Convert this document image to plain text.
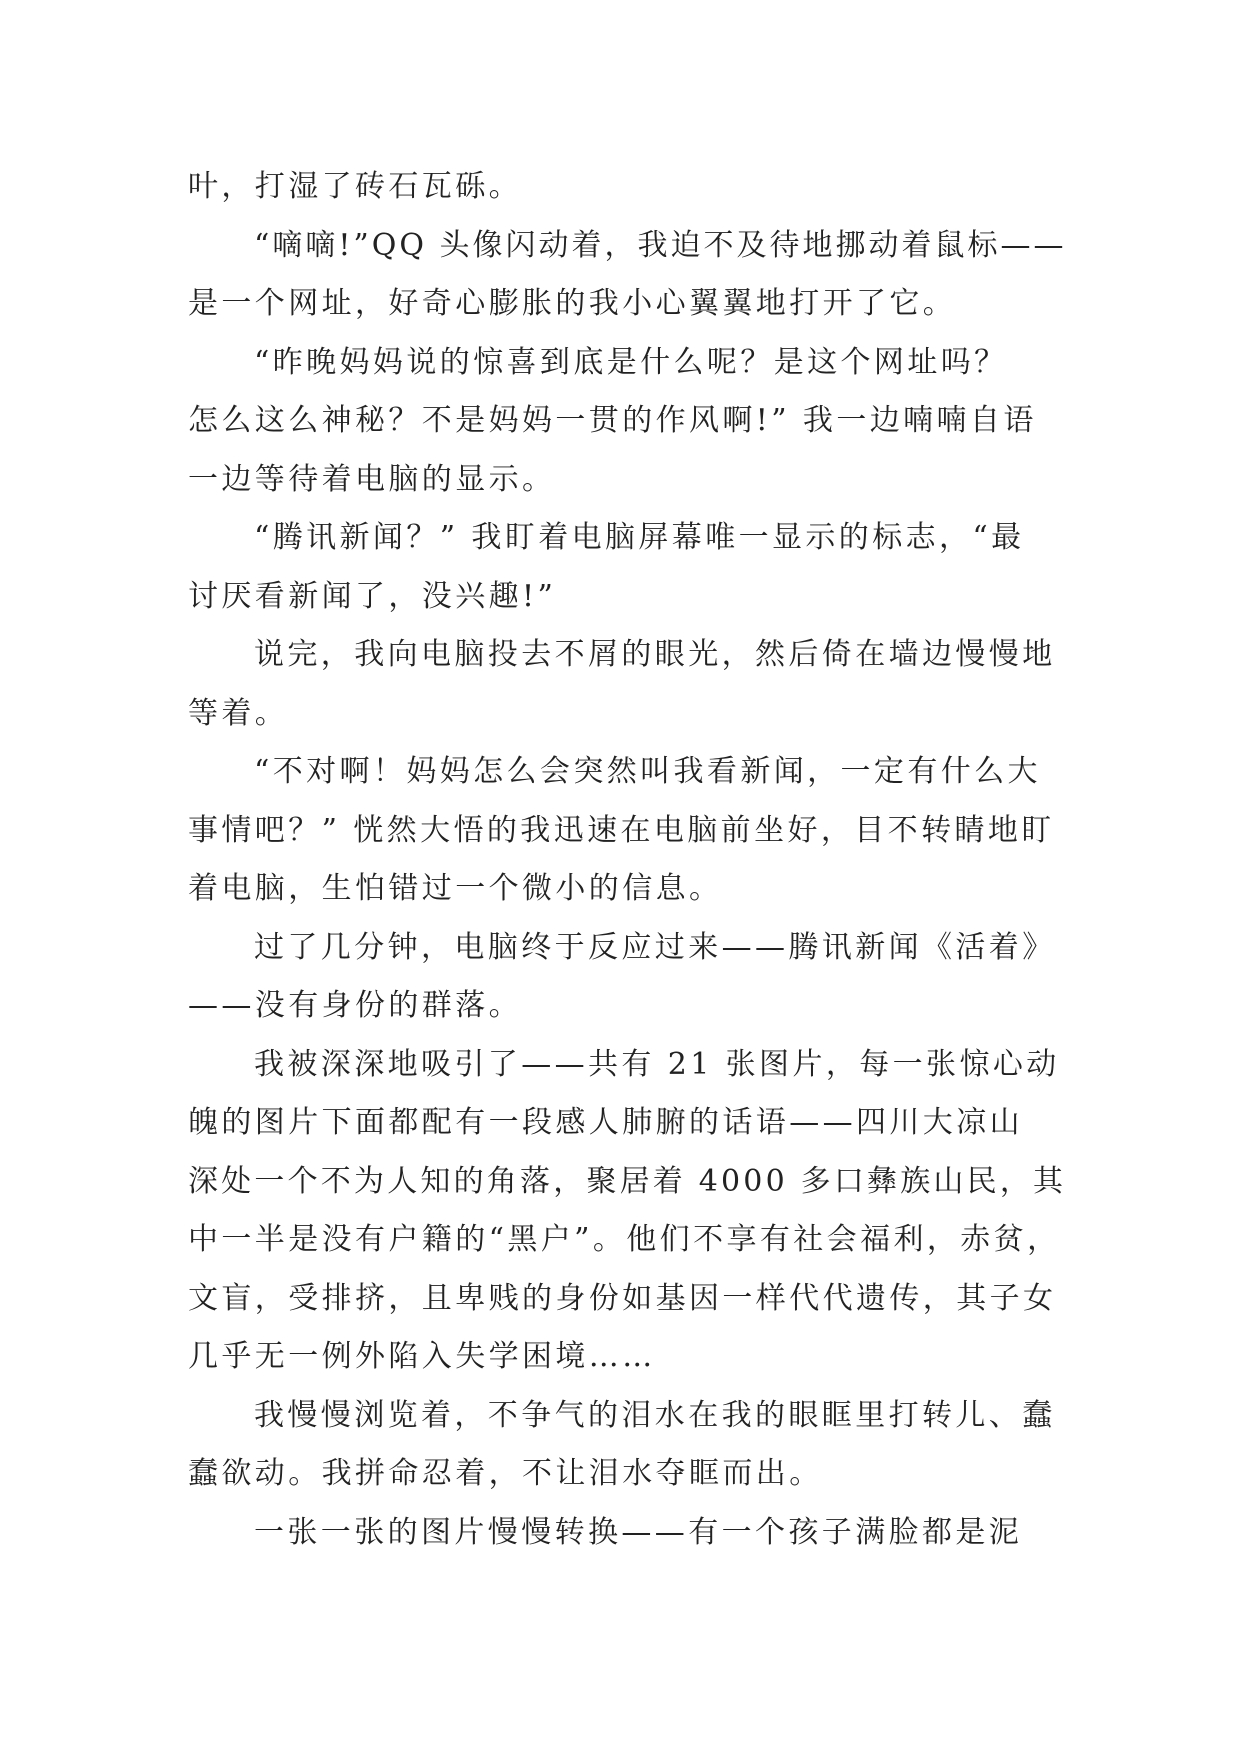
叶，打湿了砖石瓦砾。
“嘀嘀!”QQ 头像闪动着，我迫不及待地挪动着鼠标——
是一个网址，好奇心膨胀的我小心翼翼地打开了它。
“昨晚妈妈说的惊喜到底是什么呢？是这个网址吗？
怎么这么神秘？不是妈妈一贯的作风啊!” 我一边喃喃自语
一边等待着电脑的显示。
“腾讯新闻？” 我盯着电脑屏幕唯一显示的标志，“最
讨厌看新闻了，没兴趣!”
说完，我向电脑投去不屑的眼光，然后倚在墙边慢慢地
等着。
“不对啊！妈妈怎么会突然叫我看新闻，一定有什么大
事情吧？” 恍然大悟的我迅速在电脑前坐好，目不转睛地盯
着电脑，生怕错过一个微小的信息。
过了几分钟，电脑终于反应过来——腾讯新闻《活着》
——没有身份的群落。
我被深深地吸引了——共有 21 张图片，每一张惊心动
魄的图片下面都配有一段感人肺腑的话语——四川大凉山
深处一个不为人知的角落，聚居着 4000 多口彝族山民，其
中一半是没有户籍的“黑户”。他们不享有社会福利，赤贫，
文盲，受排挤，且卑贱的身份如基因一样代代遗传，其子女
几乎无一例外陷入失学困境……
我慢慢浏览着，不争气的泪水在我的眼眶里打转儿、蠢
蠢欲动。我拼命忍着，不让泪水夺眶而出。
一张一张的图片慢慢转换——有一个孩子满脸都是泥
